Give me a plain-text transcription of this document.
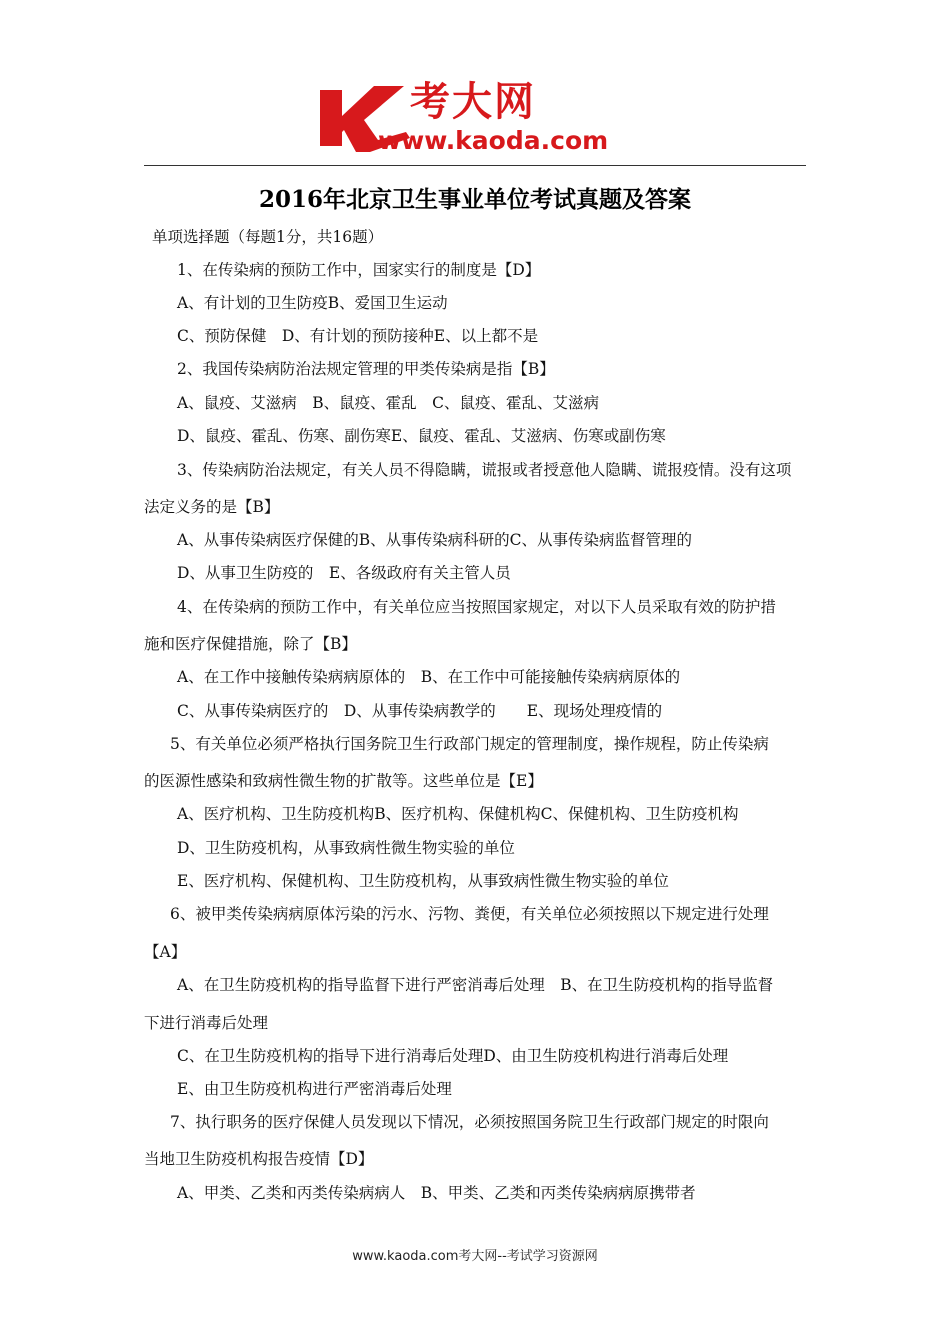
考大网
www.kaoda.com
2016年北京卫生事业单位考试真题及答案
单项选择题（每题1分，共16题）
1、在传染病的预防工作中，国家实行的制度是【D】
A、有计划的卫生防疫B、爱国卫生运动
C、预防保健　D、有计划的预防接种E、以上都不是
2、我国传染病防治法规定管理的甲类传染病是指【B】
A、鼠疫、艾滋病　B、鼠疫、霍乱　C、鼠疫、霍乱、艾滋病
D、鼠疫、霍乱、伤寒、副伤寒E、鼠疫、霍乱、艾滋病、伤寒或副伤寒
3、传染病防治法规定，有关人员不得隐瞒，谎报或者授意他人隐瞒、谎报疫情。没有这项
法定义务的是【B】
A、从事传染病医疗保健的B、从事传染病科研的C、从事传染病监督管理的
D、从事卫生防疫的　E、各级政府有关主管人员
4、在传染病的预防工作中，有关单位应当按照国家规定，对以下人员采取有效的防护措
施和医疗保健措施，除了【B】
A、在工作中接触传染病病原体的　B、在工作中可能接触传染病病原体的
C、从事传染病医疗的　D、从事传染病教学的　　E、现场处理疫情的
5、有关单位必须严格执行国务院卫生行政部门规定的管理制度，操作规程，防止传染病
的医源性感染和致病性微生物的扩散等。这些单位是【E】
A、医疗机构、卫生防疫机构B、医疗机构、保健机构C、保健机构、卫生防疫机构
D、卫生防疫机构，从事致病性微生物实验的单位
E、医疗机构、保健机构、卫生防疫机构，从事致病性微生物实验的单位
6、被甲类传染病病原体污染的污水、污物、粪便，有关单位必须按照以下规定进行处理
【A】
A、在卫生防疫机构的指导监督下进行严密消毒后处理　B、在卫生防疫机构的指导监督
下进行消毒后处理
C、在卫生防疫机构的指导下进行消毒后处理D、由卫生防疫机构进行消毒后处理
E、由卫生防疫机构进行严密消毒后处理
7、执行职务的医疗保健人员发现以下情况，必须按照国务院卫生行政部门规定的时限向
当地卫生防疫机构报告疫情【D】
A、甲类、乙类和丙类传染病病人　B、甲类、乙类和丙类传染病病原携带者
www.kaoda.com考大网--考试学习资源网
